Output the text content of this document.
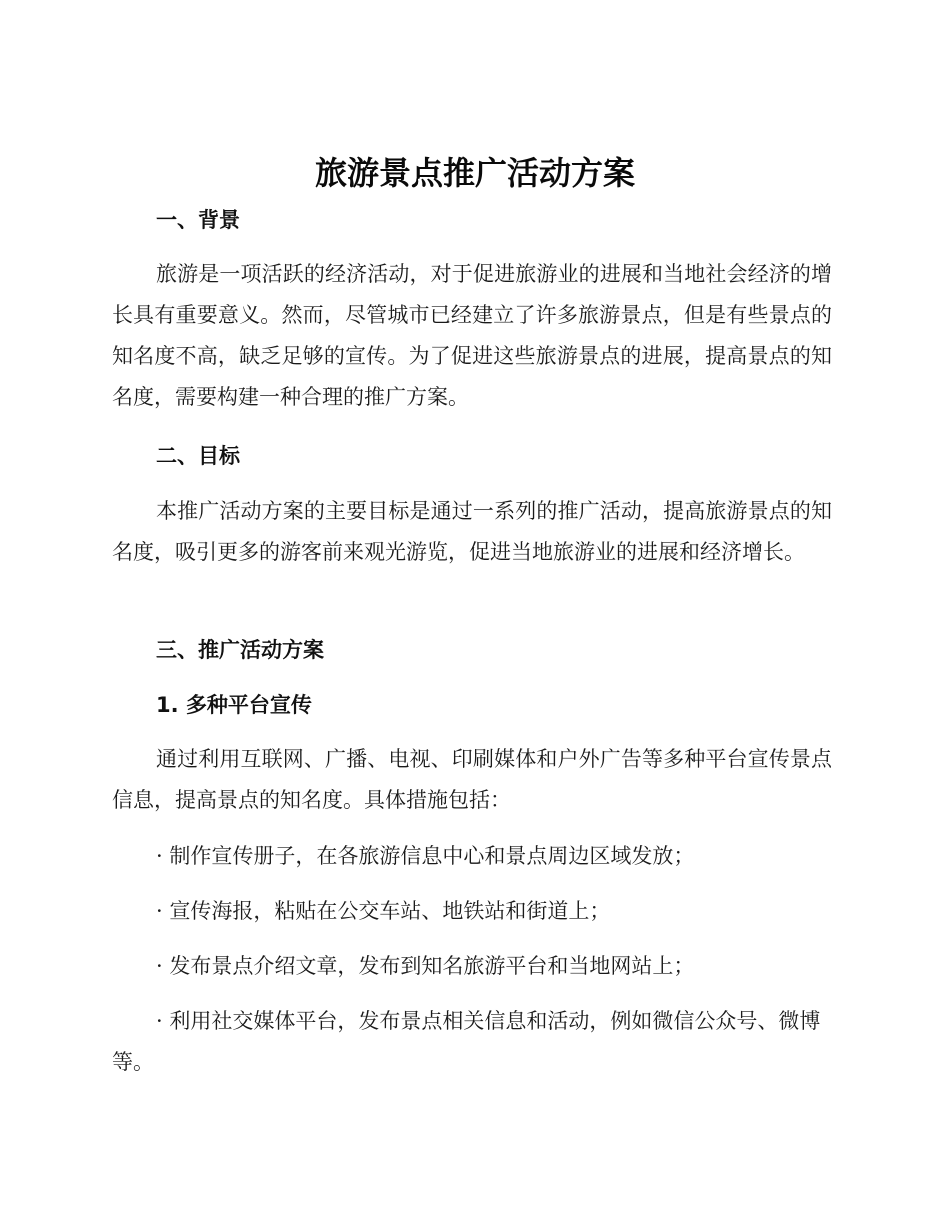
旅游景点推广活动方案
一、背景

旅游是一项活跃的经济活动，对于促进旅游业的进展和当地社会经济的增长具有重要意义。然而，尽管城市已经建立了许多旅游景点，但是有些景点的知名度不高，缺乏足够的宣传。为了促进这些旅游景点的进展，提高景点的知名度，需要构建一种合理的推广方案。

二、目标

本推广活动方案的主要目标是通过一系列的推广活动，提高旅游景点的知名度，吸引更多的游客前来观光游览，促进当地旅游业的进展和经济增长。

三、推广活动方案
1. 多种平台宣传

通过利用互联网、广播、电视、印刷媒体和户外广告等多种平台宣传景点信息，提高景点的知名度。具体措施包括：

· 制作宣传册子，在各旅游信息中心和景点周边区域发放；

· 宣传海报，粘贴在公交车站、地铁站和街道上；

· 发布景点介绍文章，发布到知名旅游平台和当地网站上；

· 利用社交媒体平台，发布景点相关信息和活动，例如微信公众号、微博等。
